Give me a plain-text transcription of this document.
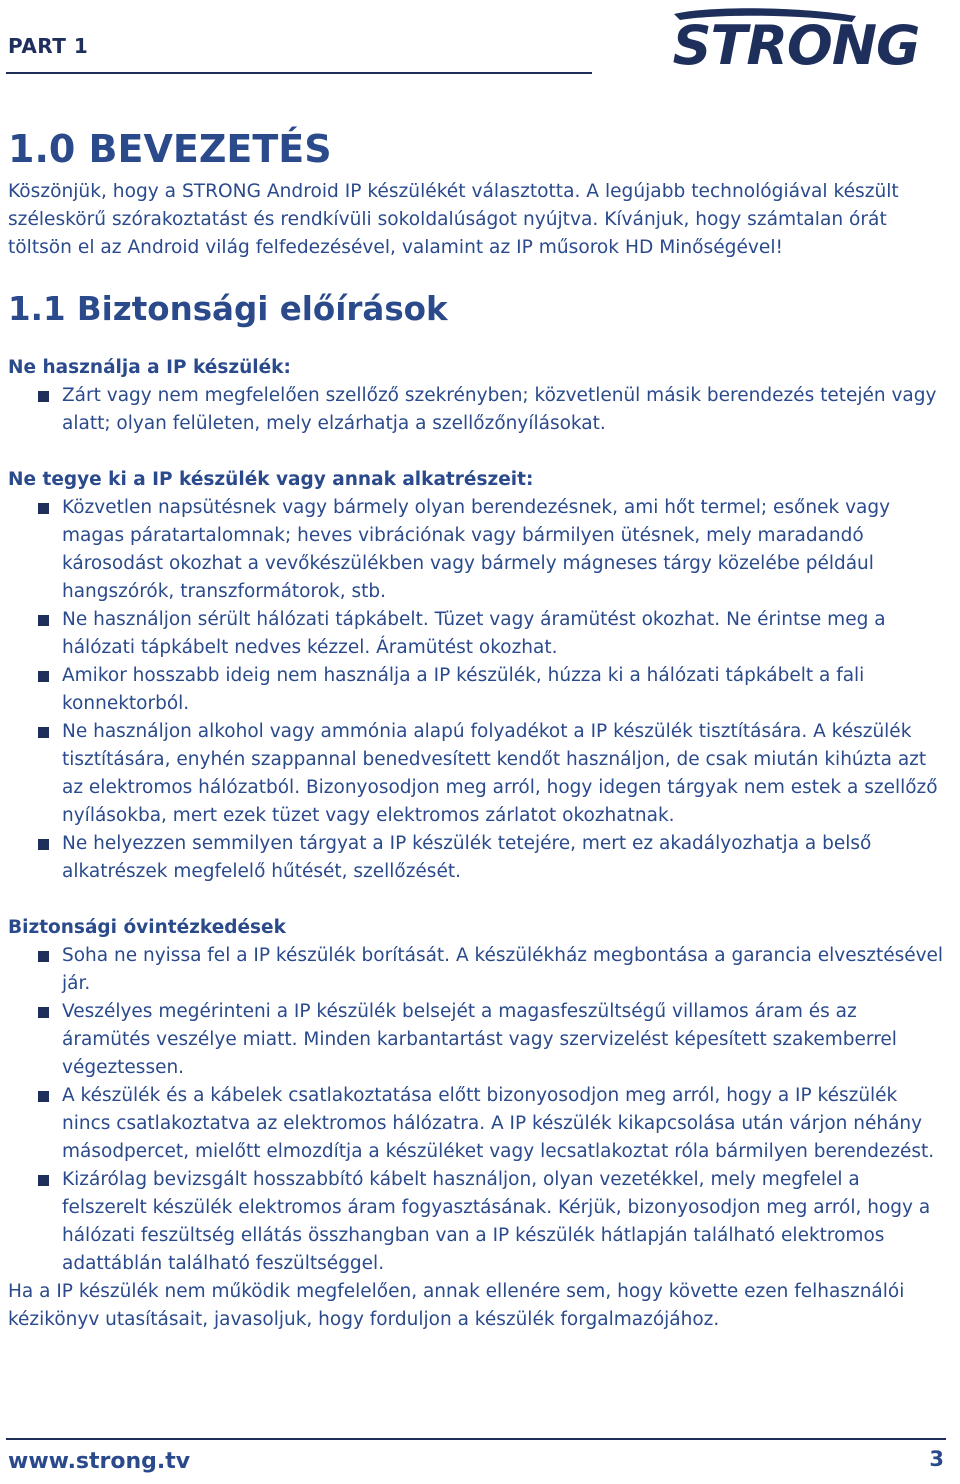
PART 1	STRONG
1.0 BEVEZETÉS

Köszönjük, hogy a STRONG Android IP készülékét választotta. A legújabb technológiával készült széleskörű szórakoztatást és rendkívüli sokoldalúságot nyújtva. Kívánjuk, hogy számtalan órát töltsön el az Android világ felfedezésével, valamint az IP műsorok HD Minőségével!

1.1 Biztonsági előírások
Ne használja a IP készülék:
Zárt vagy nem megfelelően szellőző szekrényben; közvetlenül másik berendezés tetején vagy alatt; olyan felületen, mely elzárhatja a szellőzőnyílásokat.
Ne tegye ki a IP készülék vagy annak alkatrészeit:
Közvetlen napsütésnek vagy bármely olyan berendezésnek, ami hőt termel; esőnek vagy magas páratartalomnak; heves vibrációnak vagy bármilyen ütésnek, mely maradandó károsodást okozhat a vevőkészülékben vagy bármely mágneses tárgy közelébe például hangszórók, transzformátorok, stb.
Ne használjon sérült hálózati tápkábelt. Tüzet vagy áramütést okozhat. Ne érintse meg a hálózati tápkábelt nedves kézzel. Áramütést okozhat.
Amikor hosszabb ideig nem használja a IP készülék, húzza ki a hálózati tápkábelt a fali konnektorból.
Ne használjon alkohol vagy ammónia alapú folyadékot a IP készülék tisztítására. A készülék tisztítására, enyhén szappannal benedvesített kendőt használjon, de csak miután kihúzta azt az elektromos hálózatból. Bizonyosodjon meg arról, hogy idegen tárgyak nem estek a szellőző nyílásokba, mert ezek tüzet vagy elektromos zárlatot okozhatnak.
Ne helyezzen semmilyen tárgyat a IP készülék tetejére, mert ez akadályozhatja a belső alkatrészek megfelelő hűtését, szellőzését.
Biztonsági óvintézkedések
Soha ne nyissa fel a IP készülék borítását. A készülékház megbontása a garancia elvesztésével jár.
Veszélyes megérinteni a IP készülék belsejét a magasfeszültségű villamos áram és az áramütés veszélye miatt. Minden karbantartást vagy szervizelést képesített szakemberrel végeztessen.
A készülék és a kábelek csatlakoztatása előtt bizonyosodjon meg arról, hogy a IP készülék nincs csatlakoztatva az elektromos hálózatra. A IP készülék kikapcsolása után várjon néhány másodpercet, mielőtt elmozdítja a készüléket vagy lecsatlakoztat róla bármilyen berendezést.
Kizárólag bevizsgált hosszabbító kábelt használjon, olyan vezetékkel, mely megfelel a felszerelt készülék elektromos áram fogyasztásának. Kérjük, bizonyosodjon meg arról, hogy a hálózati feszültség ellátás összhangban van a IP készülék hátlapján található elektromos adattáblán található feszültséggel.

Ha a IP készülék nem működik megfelelően, annak ellenére sem, hogy követte ezen felhasználói kézikönyv utasításait, javasoljuk, hogy forduljon a készülék forgalmazójához.

www.strong.tv	3
